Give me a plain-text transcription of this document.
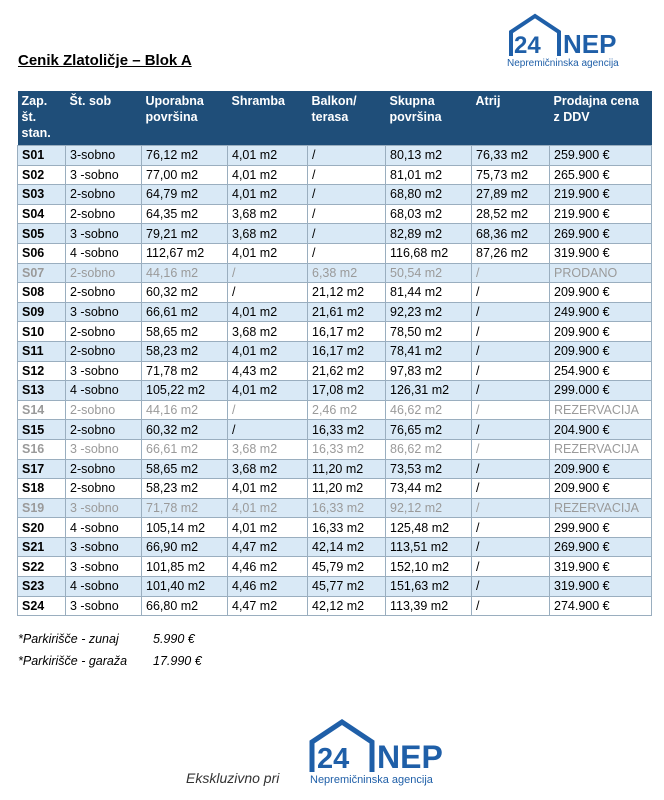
24 NEP
Nepremičninska agencija
Cenik Zlatoličje – Blok A
Zap. št. stan.	Št. sob	Uporabna površina	Shramba	Balkon/ terasa	Skupna površina	Atrij	Prodajna cena z DDV
S01	3-sobno	76,12 m2	4,01 m2	/	80,13 m2	76,33 m2	259.900 €
S02	3 -sobno	77,00 m2	4,01 m2	/	81,01 m2	75,73 m2	265.900 €
S03	2-sobno	64,79 m2	4,01 m2	/	68,80 m2	27,89 m2	219.900 €
S04	2-sobno	64,35 m2	3,68 m2	/	68,03 m2	28,52 m2	219.900 €
S05	3 -sobno	79,21 m2	3,68 m2	/	82,89 m2	68,36 m2	269.900 €
S06	4 -sobno	112,67 m2	4,01 m2	/	116,68 m2	87,26 m2	319.900 €
S07	2-sobno	44,16 m2	/	6,38 m2	50,54 m2	/	PRODANO
S08	2-sobno	60,32 m2	/	21,12 m2	81,44 m2	/	209.900 €
S09	3 -sobno	66,61 m2	4,01 m2	21,61 m2	92,23 m2	/	249.900 €
S10	2-sobno	58,65 m2	3,68 m2	16,17 m2	78,50 m2	/	209.900 €
S11	2-sobno	58,23 m2	4,01 m2	16,17 m2	78,41 m2	/	209.900 €
S12	3 -sobno	71,78 m2	4,43 m2	21,62 m2	97,83 m2	/	254.900 €
S13	4 -sobno	105,22 m2	4,01 m2	17,08 m2	126,31 m2	/	299.000 €
S14	2-sobno	44,16 m2	/	2,46 m2	46,62 m2	/	REZERVACIJA
S15	2-sobno	60,32 m2	/	16,33 m2	76,65 m2	/	204.900 €
S16	3 -sobno	66,61 m2	3,68 m2	16,33 m2	86,62 m2	/	REZERVACIJA
S17	2-sobno	58,65 m2	3,68 m2	11,20 m2	73,53 m2	/	209.900 €
S18	2-sobno	58,23 m2	4,01 m2	11,20 m2	73,44 m2	/	209.900 €
S19	3 -sobno	71,78 m2	4,01 m2	16,33 m2	92,12 m2	/	REZERVACIJA
S20	4 -sobno	105,14 m2	4,01 m2	16,33 m2	125,48 m2	/	299.900 €
S21	3 -sobno	66,90 m2	4,47 m2	42,14 m2	113,51 m2	/	269.900 €
S22	3 -sobno	101,85 m2	4,46 m2	45,79 m2	152,10 m2	/	319.900 €
S23	4 -sobno	101,40 m2	4,46 m2	45,77 m2	151,63 m2	/	319.900 €
S24	3 -sobno	66,80 m2	4,47 m2	42,12 m2	113,39 m2	/	274.900 €
*Parkirišče - zunaj	5.990 €
*Parkirišče - garaža	17.990 €
Ekskluzivno pri
24 NEP
Nepremičninska agencija
